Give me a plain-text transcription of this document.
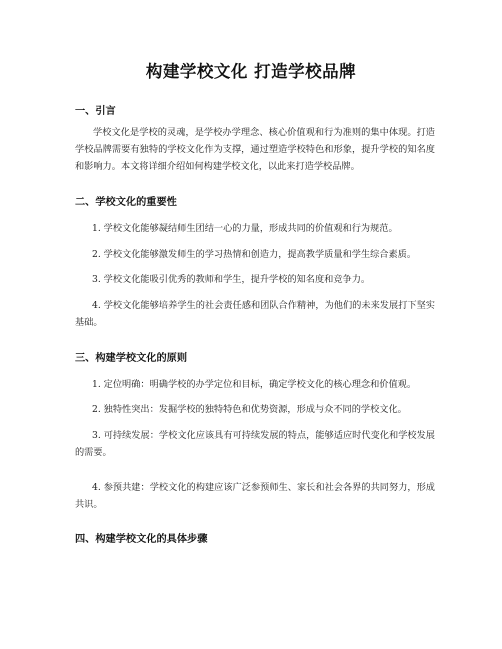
构建学校文化 打造学校品牌

一、引言

学校文化是学校的灵魂，是学校办学理念、核心价值观和行为准则的集中体现。打造学校品牌需要有独特的学校文化作为支撑，通过塑造学校特色和形象，提升学校的知名度和影响力。本文将详细介绍如何构建学校文化，以此来打造学校品牌。

二、学校文化的重要性

1. 学校文化能够凝结师生团结一心的力量，形成共同的价值观和行为规范。

2. 学校文化能够激发师生的学习热情和创造力，提高教学质量和学生综合素质。

3. 学校文化能吸引优秀的教师和学生，提升学校的知名度和竞争力。

4. 学校文化能够培养学生的社会责任感和团队合作精神，为他们的未来发展打下坚实基础。

三、构建学校文化的原则

1. 定位明确：明确学校的办学定位和目标，确定学校文化的核心理念和价值观。

2. 独特性突出：发掘学校的独特特色和优势资源，形成与众不同的学校文化。

3. 可持续发展：学校文化应该具有可持续发展的特点，能够适应时代变化和学校发展的需要。

4. 参预共建：学校文化的构建应该广泛参预师生、家长和社会各界的共同努力，形成共识。

四、构建学校文化的具体步骤
